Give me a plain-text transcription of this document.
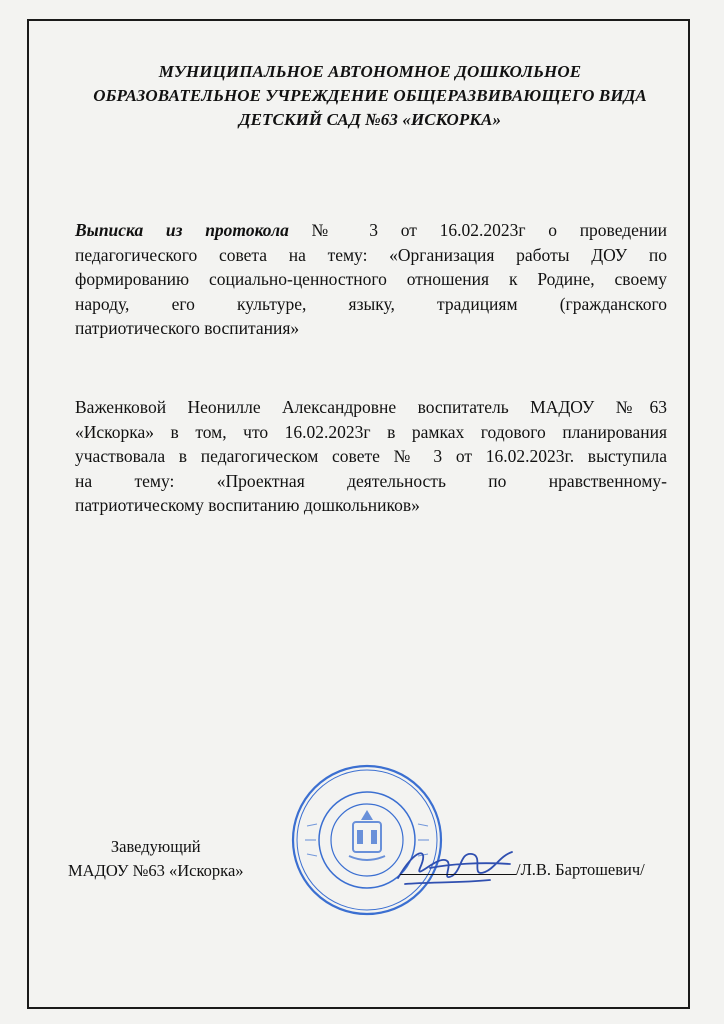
МУНИЦИПАЛЬНОЕ АВТОНОМНОЕ ДОШКОЛЬНОЕ
ОБРАЗОВАТЕЛЬНОЕ УЧРЕЖДЕНИЕ ОБЩЕРАЗВИВАЮЩЕГО ВИДА
ДЕТСКИЙ САД №63 «ИСКОРКА»
Выписка из протокола № 3 от 16.02.2023г о проведении
педагогического совета на тему: «Организация работы ДОУ по
формированию социально-ценностного отношения к Родине, своему
народу, его культуре, языку, традициям (гражданского
патриотического воспитания»
Важенковой Неонилле Александровне воспитатель МАДОУ №63
«Искорка» в том, что 16.02.2023г в рамках годового планирования
участвовала в педагогическом совете № 3 от 16.02.2023г. выступила
на тему: «Проектная деятельность по нравственному-
патриотическому воспитанию дошкольников»
Заведующий
МАДОУ №63 «Искорка»	/Л.В. Бартошевич/
